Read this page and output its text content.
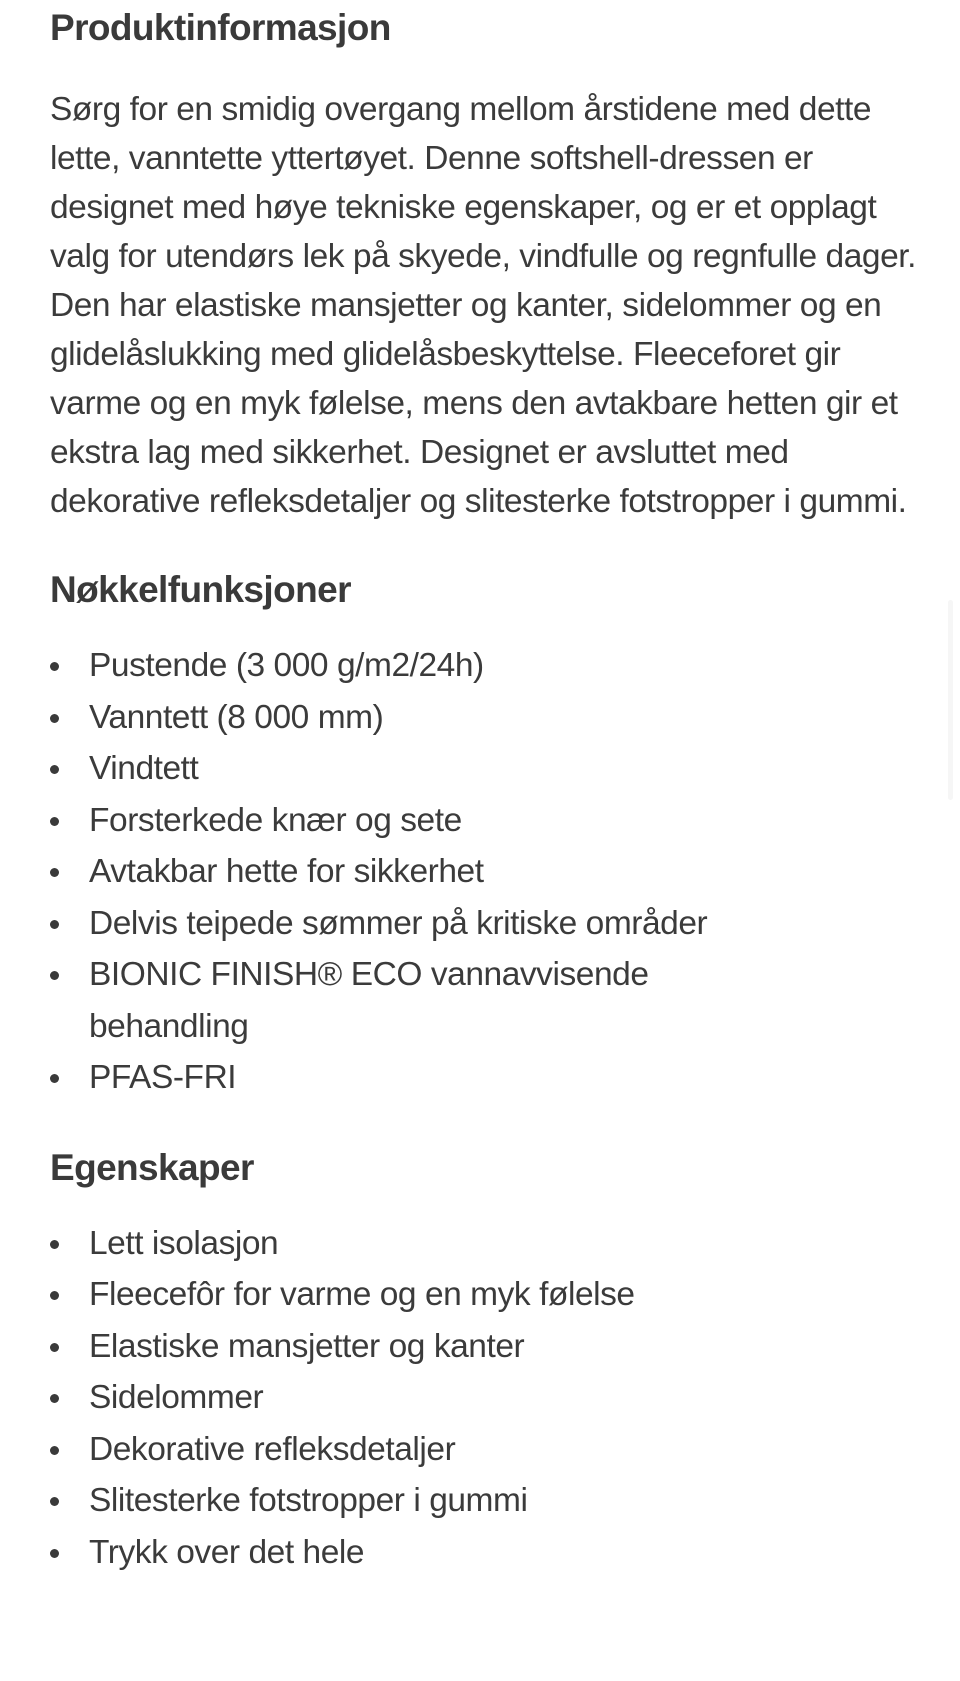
Produktinformasjon

Sørg for en smidig overgang mellom årstidene med dette lette, vanntette yttertøyet. Denne softshell-dressen er designet med høye tekniske egenskaper, og er et opplagt valg for utendørs lek på skyede, vindfulle og regnfulle dager. Den har elastiske mansjetter og kanter, sidelommer og en glidelåslukking med glidelåsbeskyttelse. Fleeceforet gir varme og en myk følelse, mens den avtakbare hetten gir et ekstra lag med sikkerhet. Designet er avsluttet med dekorative refleksdetaljer og slitesterke fotstropper i gummi.

Nøkkelfunksjoner
Pustende (3 000 g/m2/24h)
Vanntett (8 000 mm)
Vindtett
Forsterkede knær og sete
Avtakbar hette for sikkerhet
Delvis teipede sømmer på kritiske områder
BIONIC FINISH® ECO vannavvisende behandling
PFAS-FRI
Egenskaper
Lett isolasjon
Fleecefôr for varme og en myk følelse
Elastiske mansjetter og kanter
Sidelommer
Dekorative refleksdetaljer
Slitesterke fotstropper i gummi
Trykk over det hele
